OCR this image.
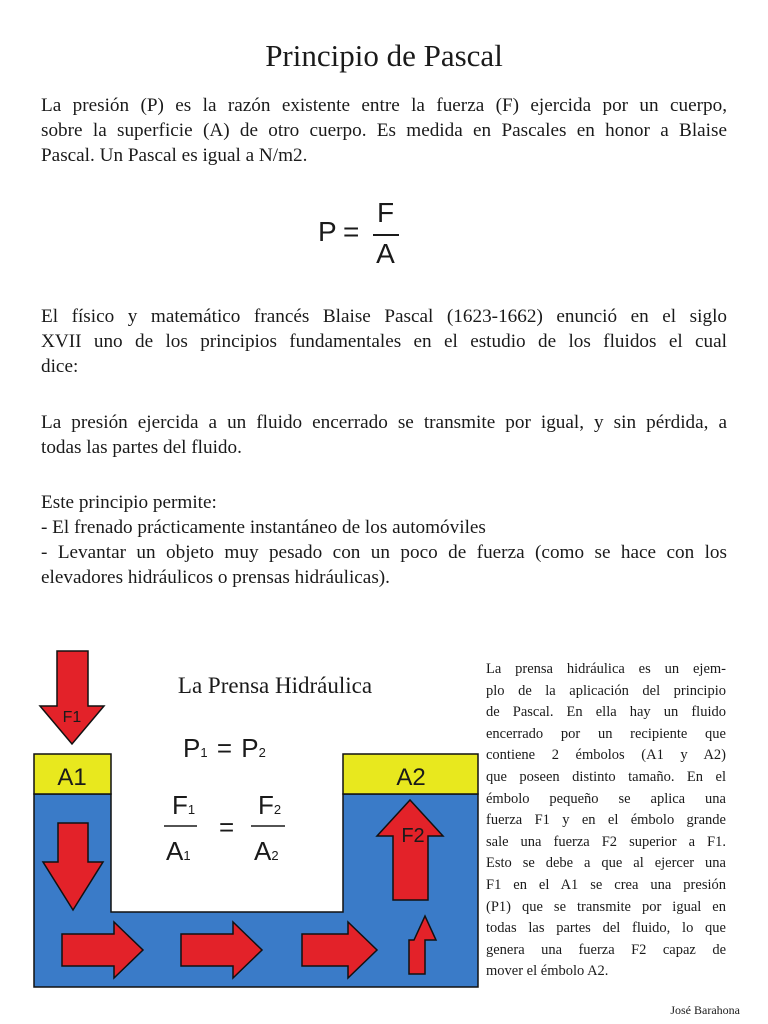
Principio de Pascal

La presión (P) es la razón existente entre la fuerza (F) ejercida por un cuerpo,
sobre la superficie (A) de otro cuerpo. Es medida en Pascales en honor a Blaise
Pascal. Un Pascal es igual a N/m2.

P =
F
A

El físico y matemático francés Blaise Pascal (1623-1662) enunció en el siglo
XVII uno de los principios fundamentales en el estudio de los fluidos el cual
dice:

La presión ejercida a un fluido encerrado se transmite por igual, y sin pérdida, a
todas las partes del fluido.

Este principio permite:
- El frenado prácticamente instantáneo de los automóviles
- Levantar un objeto muy pesado con un poco de fuerza (como se hace con los
elevadores hidráulicos o prensas hidráulicas).

A1	A2
F1
F2
La Prensa Hidráulica
P1 = P2
F1
A1
=
F2
A2

La prensa hidráulica es un ejem-
plo de la aplicación del principio
de Pascal. En ella hay un fluido
encerrado por un recipiente que
contiene 2 émbolos (A1 y A2)
que poseen distinto tamaño. En el
émbolo pequeño se aplica una
fuerza F1 y en el émbolo grande
sale una fuerza F2 superior a F1.
Esto se debe a que al ejercer una
F1 en el A1 se crea una presión
(P1) que se transmite por igual en
todas las partes del fluido, lo que
genera una fuerza F2 capaz de
mover el émbolo A2.

José Barahona
